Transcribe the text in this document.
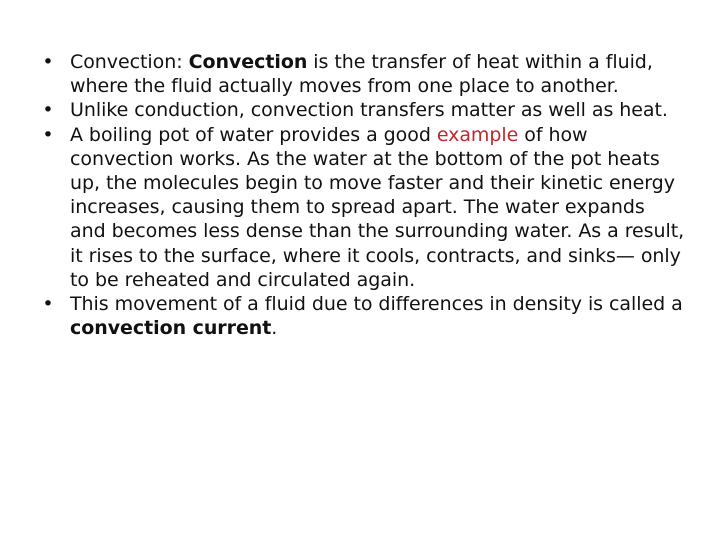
• Convection: Convection is the transfer of heat within a fluid, where the fluid actually moves from one place to another.
• Unlike conduction, convection transfers matter as well as heat.
• A boiling pot of water provides a good example of how convection works. As the water at the bottom of the pot heats up, the molecules begin to move faster and their kinetic energy increases, causing them to spread apart. The water expands and becomes less dense than the surrounding water. As a result, it rises to the surface, where it cools, contracts, and sinks— only to be reheated and circulated again.
• This movement of a fluid due to differences in density is called a convection current.
